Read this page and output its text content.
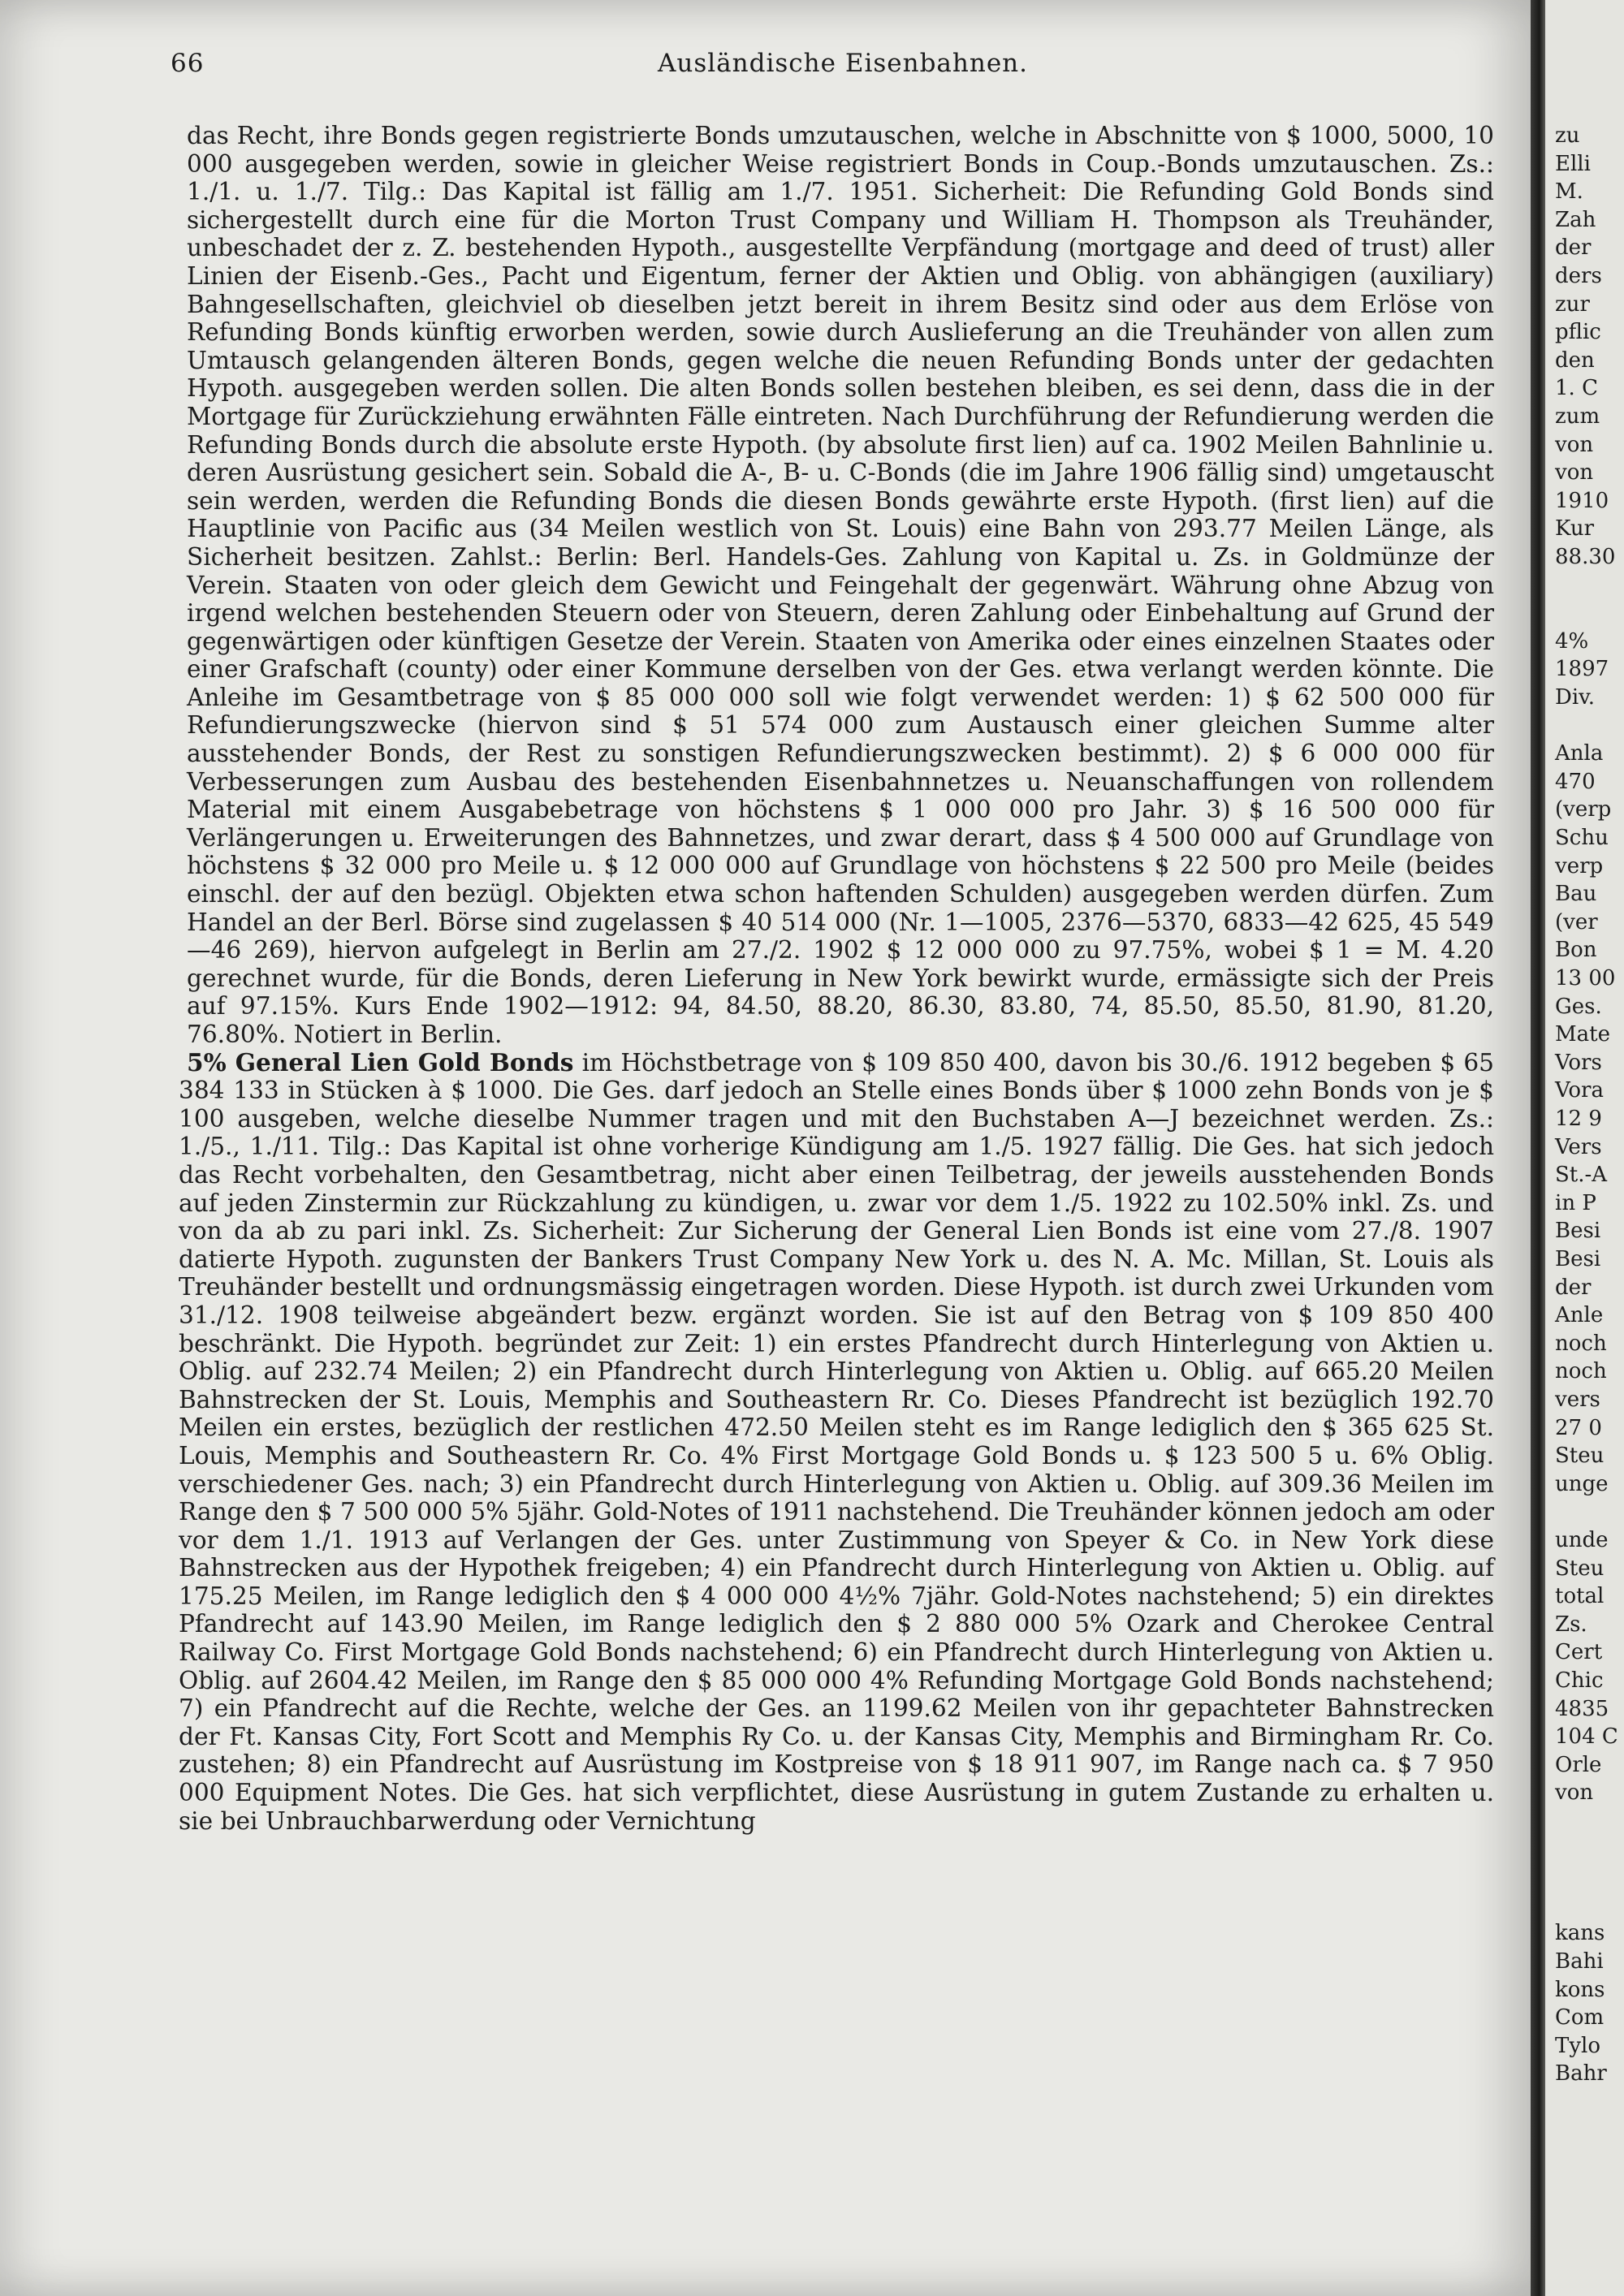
66	Ausländische Eisenbahnen.

das Recht, ihre Bonds gegen registrierte Bonds umzutauschen, welche in Abschnitte von $ 1000, 5000, 10 000 ausgegeben werden, sowie in gleicher Weise registriert Bonds in Coup.-Bonds umzutauschen. Zs.: 1./1. u. 1./7. Tilg.: Das Kapital ist fällig am 1./7. 1951. Sicherheit: Die Refunding Gold Bonds sind sichergestellt durch eine für die Morton Trust Company und William H. Thompson als Treuhänder, unbeschadet der z. Z. bestehenden Hypoth., ausgestellte Verpfändung (mortgage and deed of trust) aller Linien der Eisenb.-Ges., Pacht und Eigentum, ferner der Aktien und Oblig. von abhängigen (auxiliary) Bahngesellschaften, gleichviel ob dieselben jetzt bereit in ihrem Besitz sind oder aus dem Erlöse von Refunding Bonds künftig erworben werden, sowie durch Auslieferung an die Treuhänder von allen zum Umtausch gelangenden älteren Bonds, gegen welche die neuen Refunding Bonds unter der gedachten Hypoth. ausgegeben werden sollen. Die alten Bonds sollen bestehen bleiben, es sei denn, dass die in der Mortgage für Zurückziehung erwähnten Fälle eintreten. Nach Durchführung der Refundierung werden die Refunding Bonds durch die absolute erste Hypoth. (by absolute first lien) auf ca. 1902 Meilen Bahnlinie u. deren Ausrüstung gesichert sein. Sobald die A-, B- u. C-Bonds (die im Jahre 1906 fällig sind) umgetauscht sein werden, werden die Refunding Bonds die diesen Bonds gewährte erste Hypoth. (first lien) auf die Hauptlinie von Pacific aus (34 Meilen westlich von St. Louis) eine Bahn von 293.77 Meilen Länge, als Sicherheit besitzen. Zahlst.: Berlin: Berl. Handels-Ges. Zahlung von Kapital u. Zs. in Goldmünze der Verein. Staaten von oder gleich dem Gewicht und Feingehalt der gegenwärt. Währung ohne Abzug von irgend welchen bestehenden Steuern oder von Steuern, deren Zahlung oder Einbehaltung auf Grund der gegenwärtigen oder künftigen Gesetze der Verein. Staaten von Amerika oder eines einzelnen Staates oder einer Grafschaft (county) oder einer Kommune derselben von der Ges. etwa verlangt werden könnte. Die Anleihe im Gesamtbetrage von $ 85 000 000 soll wie folgt verwendet werden: 1) $ 62 500 000 für Refundierungszwecke (hiervon sind $ 51 574 000 zum Austausch einer gleichen Summe alter ausstehender Bonds, der Rest zu sonstigen Refundierungszwecken bestimmt). 2) $ 6 000 000 für Verbesserungen zum Ausbau des bestehenden Eisenbahnnetzes u. Neuanschaffungen von rollendem Material mit einem Ausgabebetrage von höchstens $ 1 000 000 pro Jahr. 3) $ 16 500 000 für Verlängerungen u. Erweiterungen des Bahnnetzes, und zwar derart, dass $ 4 500 000 auf Grundlage von höchstens $ 32 000 pro Meile u. $ 12 000 000 auf Grundlage von höchstens $ 22 500 pro Meile (beides einschl. der auf den bezügl. Objekten etwa schon haftenden Schulden) ausgegeben werden dürfen. Zum Handel an der Berl. Börse sind zugelassen $ 40 514 000 (Nr. 1—1005, 2376—5370, 6833—42 625, 45 549—46 269), hiervon aufgelegt in Berlin am 27./2. 1902 $ 12 000 000 zu 97.75%, wobei $ 1 = M. 4.20 gerechnet wurde, für die Bonds, deren Lieferung in New York bewirkt wurde, ermässigte sich der Preis auf 97.15%. Kurs Ende 1902—1912: 94, 84.50, 88.20, 86.30, 83.80, 74, 85.50, 85.50, 81.90, 81.20, 76.80%. Notiert in Berlin.

5% General Lien Gold Bonds im Höchstbetrage von $ 109 850 400, davon bis 30./6. 1912 begeben $ 65 384 133 in Stücken à $ 1000. Die Ges. darf jedoch an Stelle eines Bonds über $ 1000 zehn Bonds von je $ 100 ausgeben, welche dieselbe Nummer tragen und mit den Buchstaben A—J bezeichnet werden. Zs.: 1./5., 1./11. Tilg.: Das Kapital ist ohne vorherige Kündigung am 1./5. 1927 fällig. Die Ges. hat sich jedoch das Recht vorbehalten, den Gesamtbetrag, nicht aber einen Teilbetrag, der jeweils ausstehenden Bonds auf jeden Zinstermin zur Rückzahlung zu kündigen, u. zwar vor dem 1./5. 1922 zu 102.50% inkl. Zs. und von da ab zu pari inkl. Zs. Sicherheit: Zur Sicherung der General Lien Bonds ist eine vom 27./8. 1907 datierte Hypoth. zugunsten der Bankers Trust Company New York u. des N. A. Mc. Millan, St. Louis als Treuhänder bestellt und ordnungsmässig eingetragen worden. Diese Hypoth. ist durch zwei Urkunden vom 31./12. 1908 teilweise abgeändert bezw. ergänzt worden. Sie ist auf den Betrag von $ 109 850 400 beschränkt. Die Hypoth. begründet zur Zeit: 1) ein erstes Pfandrecht durch Hinterlegung von Aktien u. Oblig. auf 232.74 Meilen; 2) ein Pfandrecht durch Hinterlegung von Aktien u. Oblig. auf 665.20 Meilen Bahnstrecken der St. Louis, Memphis and Southeastern Rr. Co. Dieses Pfandrecht ist bezüglich 192.70 Meilen ein erstes, bezüglich der restlichen 472.50 Meilen steht es im Range lediglich den $ 365 625 St. Louis, Memphis and Southeastern Rr. Co. 4% First Mortgage Gold Bonds u. $ 123 500 5 u. 6% Oblig. verschiedener Ges. nach; 3) ein Pfandrecht durch Hinterlegung von Aktien u. Oblig. auf 309.36 Meilen im Range den $ 7 500 000 5% 5jähr. Gold-Notes of 1911 nachstehend. Die Treuhänder können jedoch am oder vor dem 1./1. 1913 auf Verlangen der Ges. unter Zustimmung von Speyer & Co. in New York diese Bahnstrecken aus der Hypothek freigeben; 4) ein Pfandrecht durch Hinterlegung von Aktien u. Oblig. auf 175.25 Meilen, im Range lediglich den $ 4 000 000 4½% 7jähr. Gold-Notes nachstehend; 5) ein direktes Pfandrecht auf 143.90 Meilen, im Range lediglich den $ 2 880 000 5% Ozark and Cherokee Central Railway Co. First Mortgage Gold Bonds nachstehend; 6) ein Pfandrecht durch Hinterlegung von Aktien u. Oblig. auf 2604.42 Meilen, im Range den $ 85 000 000 4% Refunding Mortgage Gold Bonds nachstehend; 7) ein Pfandrecht auf die Rechte, welche der Ges. an 1199.62 Meilen von ihr gepachteter Bahnstrecken der Ft. Kansas City, Fort Scott and Memphis Ry Co. u. der Kansas City, Memphis and Birmingham Rr. Co. zustehen; 8) ein Pfandrecht auf Ausrüstung im Kostpreise von $ 18 911 907, im Range nach ca. $ 7 950 000 Equipment Notes. Die Ges. hat sich verpflichtet, diese Ausrüstung in gutem Zustande zu erhalten u. sie bei Unbrauchbarwerdung oder Vernichtung

zu
Elli
M.
Zah
der
ders
zur
pflic
den
1. C
zum
von
von
1910
Kur
88.30
4%
1897
Div.
Anla
470
(verp
Schu
verp
Bau
(ver
Bon
13 00
Ges.
Mate
Vors
Vora
12 9
Vers
St.-A
in P
Besi
Besi
der
Anle
noch
noch
vers
27 0
Steu
unge
unde
Steu
total
Zs.
Cert
Chic
4835
104 C
Orle
von
kans
Bahi
kons
Com
Tylo
Bahr
